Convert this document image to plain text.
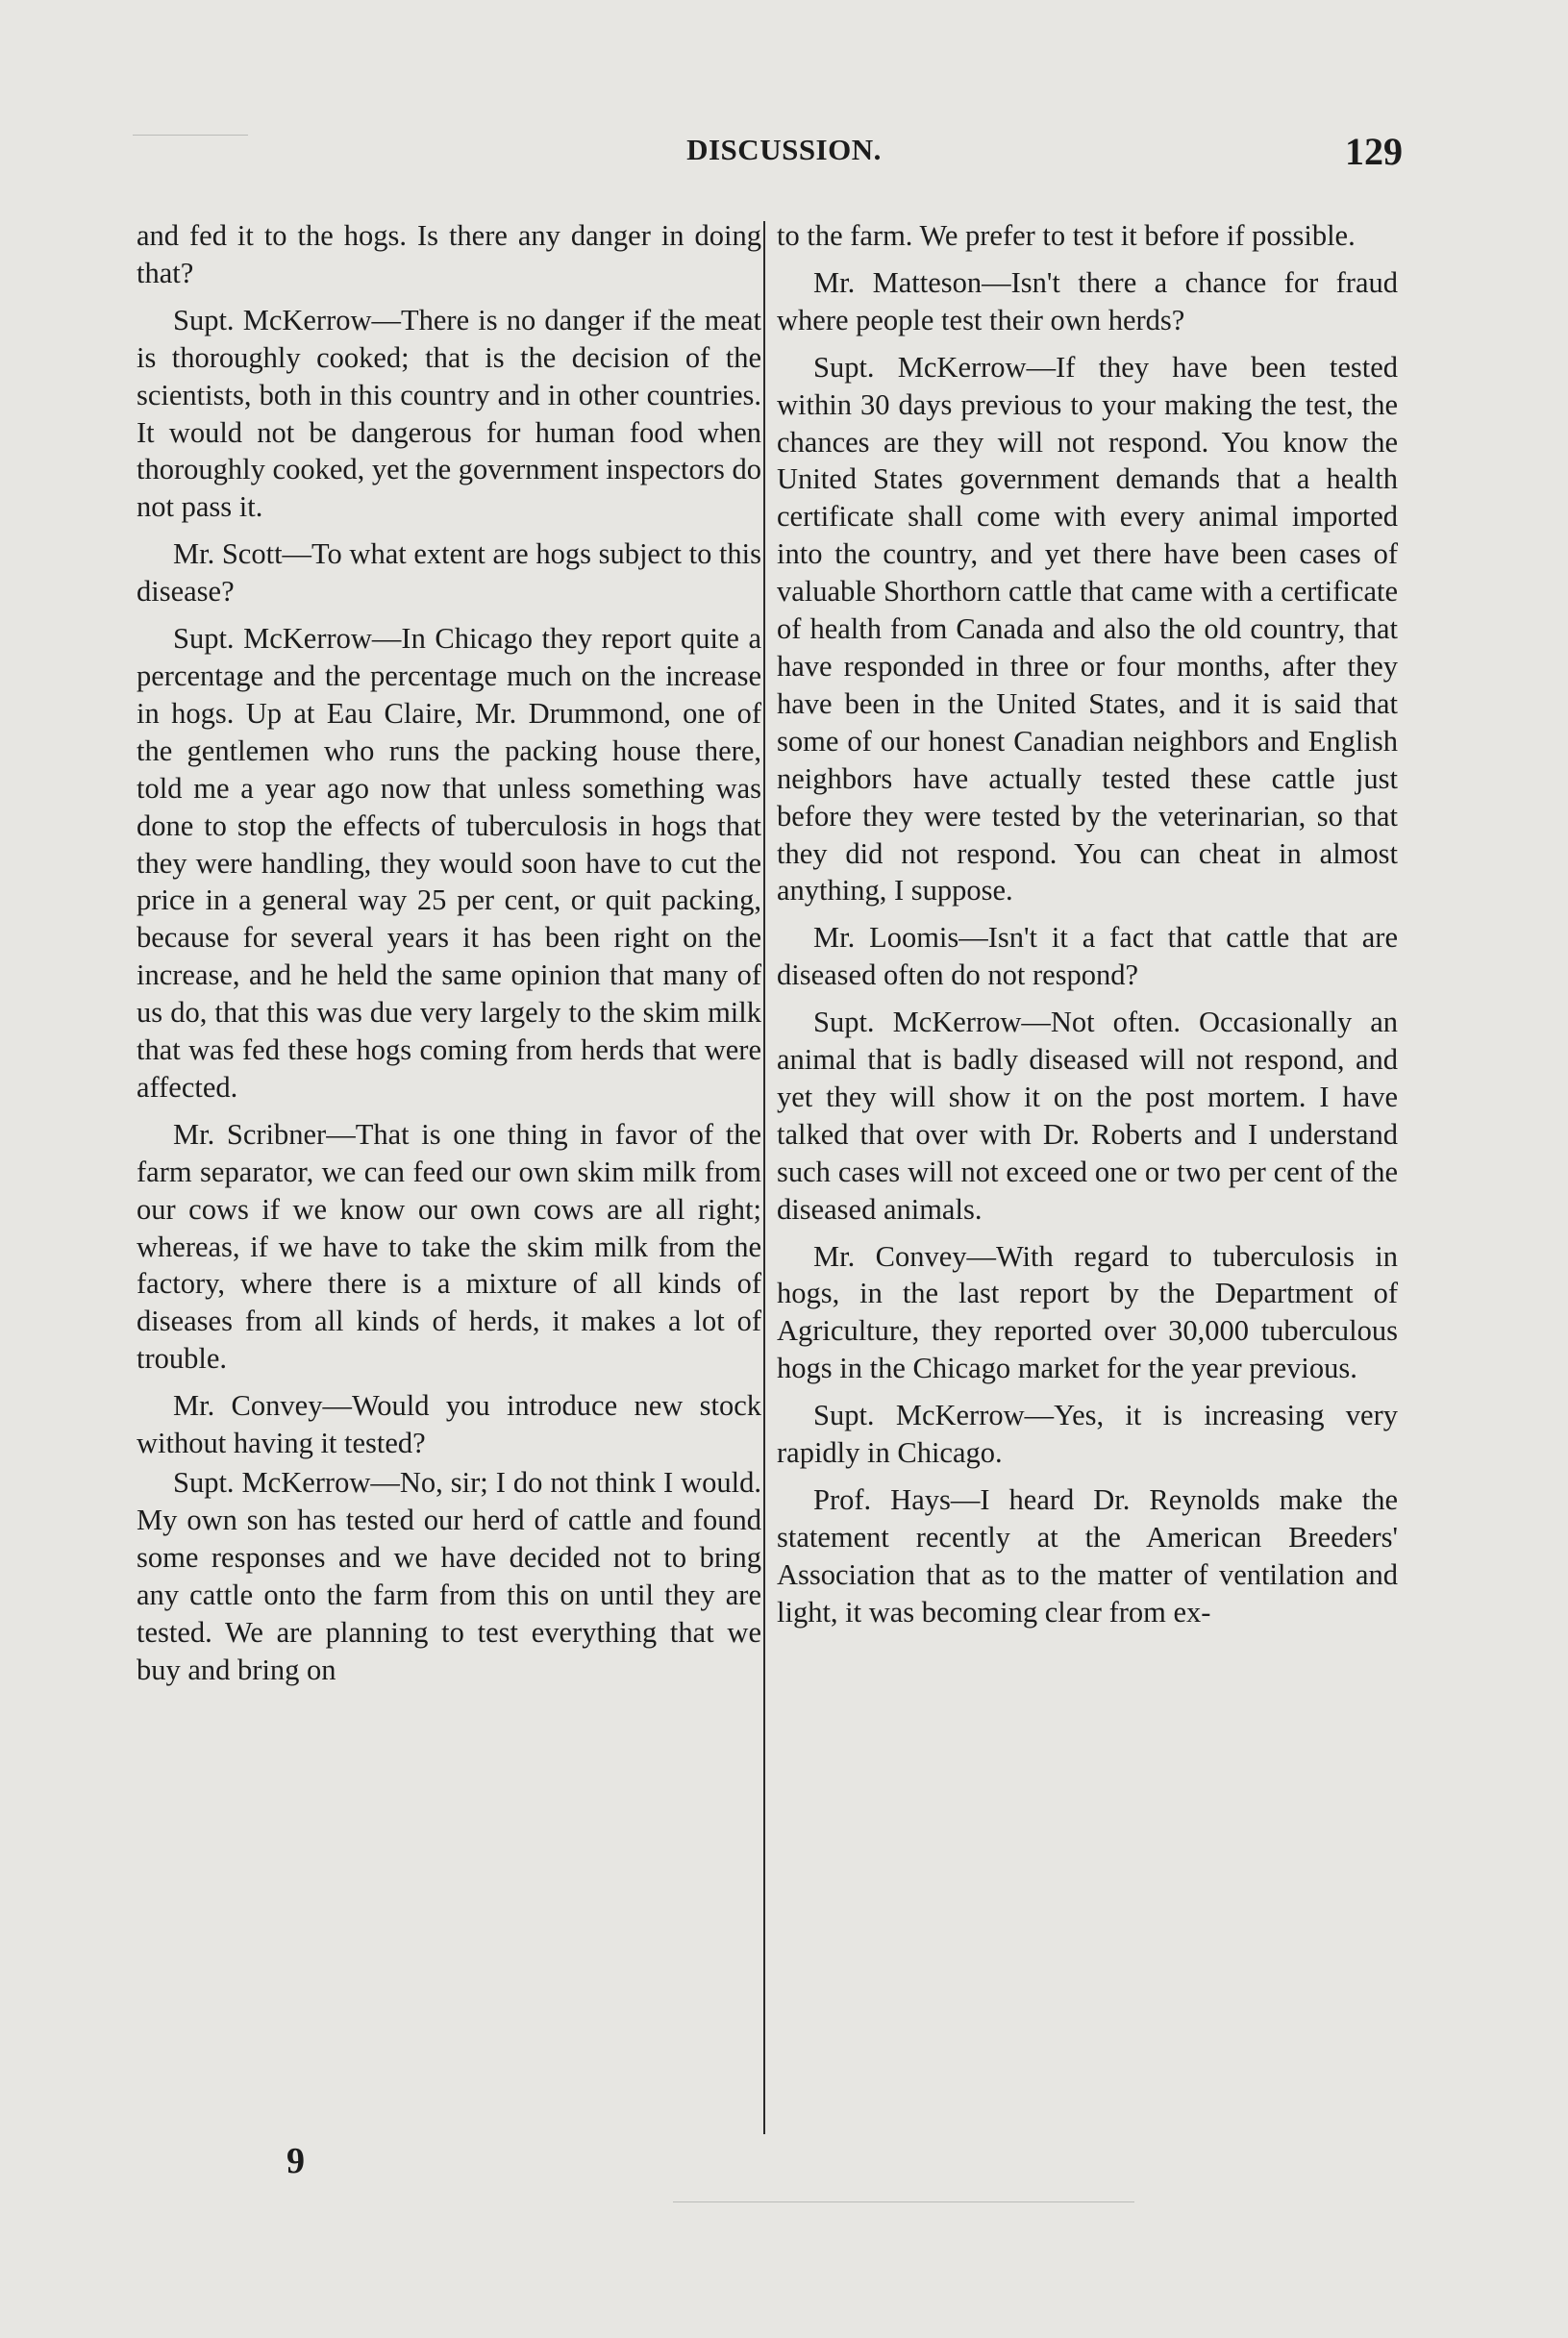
DISCUSSION.	129

and fed it to the hogs. Is there any danger in doing that?

Supt. McKerrow—There is no danger if the meat is thoroughly cooked; that is the decision of the scientists, both in this country and in other countries. It would not be dangerous for human food when thoroughly cooked, yet the government inspectors do not pass it.

Mr. Scott—To what extent are hogs subject to this disease?

Supt. McKerrow—In Chicago they report quite a percentage and the percentage much on the increase in hogs. Up at Eau Claire, Mr. Drummond, one of the gentlemen who runs the packing house there, told me a year ago now that unless something was done to stop the effects of tuberculosis in hogs that they were handling, they would soon have to cut the price in a general way 25 per cent, or quit packing, because for several years it has been right on the increase, and he held the same opinion that many of us do, that this was due very largely to the skim milk that was fed these hogs coming from herds that were affected.

Mr. Scribner—That is one thing in favor of the farm separator, we can feed our own skim milk from our cows if we know our own cows are all right; whereas, if we have to take the skim milk from the factory, where there is a mixture of all kinds of diseases from all kinds of herds, it makes a lot of trouble.

Mr. Convey—Would you introduce new stock without having it tested?

Supt. McKerrow—No, sir; I do not think I would. My own son has tested our herd of cattle and found some responses and we have decided not to bring any cattle onto the farm from this on until they are tested. We are planning to test everything that we buy and bring on

to the farm. We prefer to test it before if possible.

Mr. Matteson—Isn't there a chance for fraud where people test their own herds?

Supt. McKerrow—If they have been tested within 30 days previous to your making the test, the chances are they will not respond. You know the United States government demands that a health certificate shall come with every animal imported into the country, and yet there have been cases of valuable Shorthorn cattle that came with a certificate of health from Canada and also the old country, that have responded in three or four months, after they have been in the United States, and it is said that some of our honest Canadian neighbors and English neighbors have actually tested these cattle just before they were tested by the veterinarian, so that they did not respond. You can cheat in almost anything, I suppose.

Mr. Loomis—Isn't it a fact that cattle that are diseased often do not respond?

Supt. McKerrow—Not often. Occasionally an animal that is badly diseased will not respond, and yet they will show it on the post mortem. I have talked that over with Dr. Roberts and I understand such cases will not exceed one or two per cent of the diseased animals.

Mr. Convey—With regard to tuberculosis in hogs, in the last report by the Department of Agriculture, they reported over 30,000 tuberculous hogs in the Chicago market for the year previous.

Supt. McKerrow—Yes, it is increasing very rapidly in Chicago.

Prof. Hays—I heard Dr. Reynolds make the statement recently at the American Breeders' Association that as to the matter of ventilation and light, it was becoming clear from ex-

9
